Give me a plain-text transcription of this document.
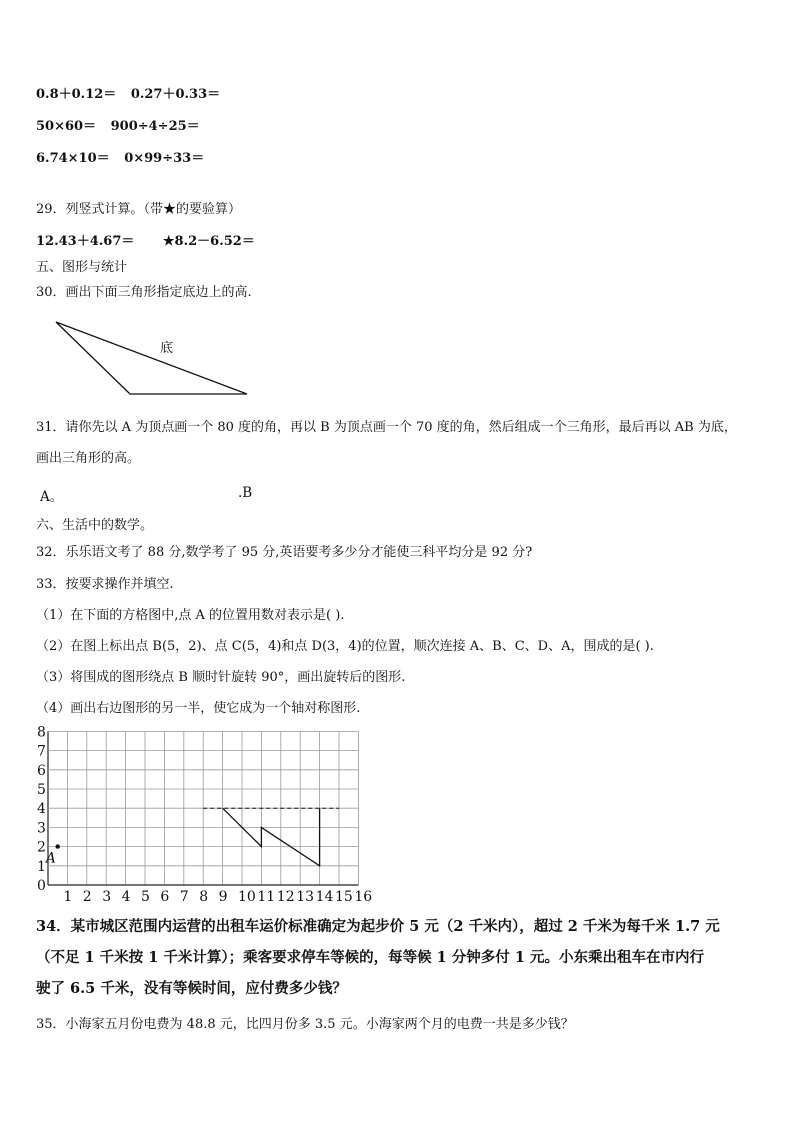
0.8＋0.12＝ 0.27＋0.33＝
50×60＝ 900÷4÷25＝
6.74×10＝ 0×99÷33＝
29．列竖式计算。（带★的要验算）
12.43＋4.67＝ ★8.2－6.52＝
五、图形与统计
30．画出下面三角形指定底边上的高.
底
31．请你先以 A 为顶点画一个 80 度的角，再以 B 为顶点画一个 70 度的角，然后组成一个三角形，最后再以 AB 为底，
画出三角形的高。
A。	.B
六、生活中的数学。
32．乐乐语文考了 88 分,数学考了 95 分,英语要考多少分才能使三科平均分是 92 分?
33．按要求操作并填空.
（1）在下面的方格图中,点 A 的位置用数对表示是( ).
（2）在图上标出点 B(5，2)、点 C(5，4)和点 D(3，4)的位置，顺次连接 A、B、C、D、A，围成的是( ).
（3）将围成的图形绕点 B 顺时针旋转 90°，画出旋转后的图形.
（4）画出右边图形的另一半，使它成为一个轴对称图形.
1 2 3 4 5 6 7 8 9 10 11 12 13 14 15 16
0
1
2
3
4
5
6
7
8
A
34．某市城区范围内运营的出租车运价标准确定为起步价 5 元（2 千米内），超过 2 千米为每千米 1.7 元
（不足 1 千米按 1 千米计算）；乘客要求停车等候的，每等候 1 分钟多付 1 元。小东乘出租车在市内行
驶了 6.5 千米，没有等候时间，应付费多少钱？
35．小海家五月份电费为 48.8 元，比四月份多 3.5 元。小海家两个月的电费一共是多少钱？
